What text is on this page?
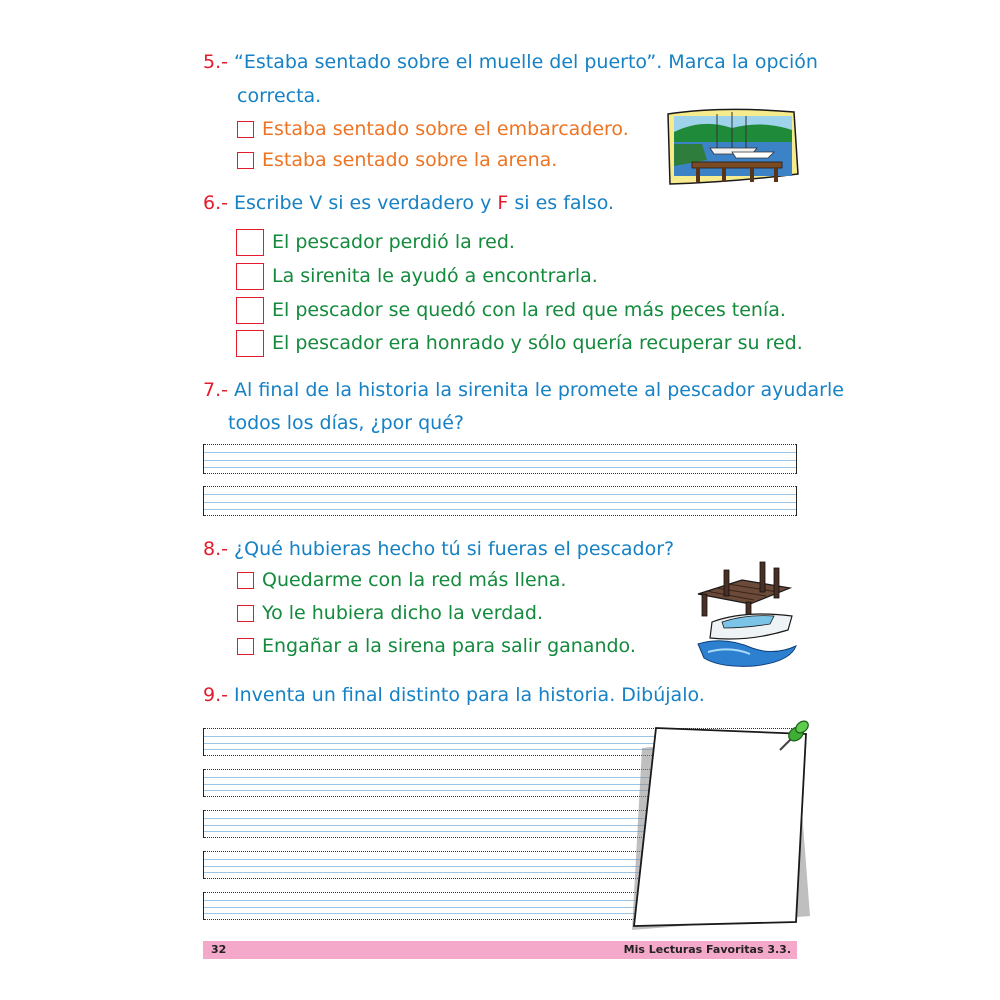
5.- “Estaba sentado sobre el muelle del puerto”. Marca la opción
correcta.
Estaba sentado sobre el embarcadero.
Estaba sentado sobre la arena.
6.- Escribe V si es verdadero y F si es falso.
El pescador perdió la red.
La sirenita le ayudó a encontrarla.
El pescador se quedó con la red que más peces tenía.
El pescador era honrado y sólo quería recuperar su red.
7.- Al final de la historia la sirenita le promete al pescador ayudarle
todos los días, ¿por qué?
8.- ¿Qué hubieras hecho tú si fueras el pescador?
Quedarme con la red más llena.
Yo le hubiera dicho la verdad.
Engañar a la sirena para salir ganando.
9.- Inventa un final distinto para la historia. Dibújalo.
32	Mis Lecturas Favoritas 3.3.
